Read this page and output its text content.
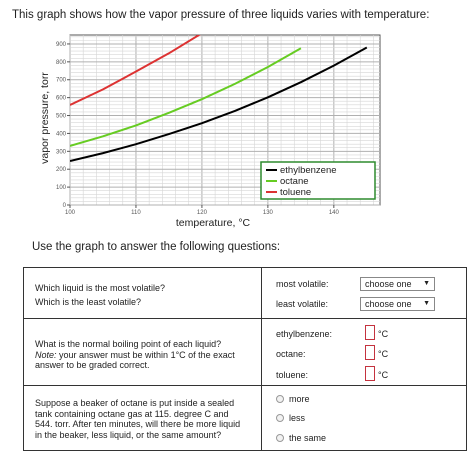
This graph shows how the vapor pressure of three liquids varies with temperature:
100	110	120	130	140
0
100
200
300
400
500
600
700
800
900
temperature, °C
vapor pressure, torr
ethylbenzene
octane
toluene
Use the graph to answer the following questions:
Which liquid is the most volatile?
Which is the least volatile?
most volatile:	choose one ▼
least volatile:	choose one ▼
What is the normal boiling point of each liquid?
Note: your answer must be within 1°C of the exact
answer to be graded correct.
ethylbenzene:	°C
octane:	°C
toluene:	°C
Suppose a beaker of octane is put inside a sealed
tank containing octane gas at 115. degree C and
544. torr. After ten minutes, will there be more liquid
in the beaker, less liquid, or the same amount?
more
less
the same
